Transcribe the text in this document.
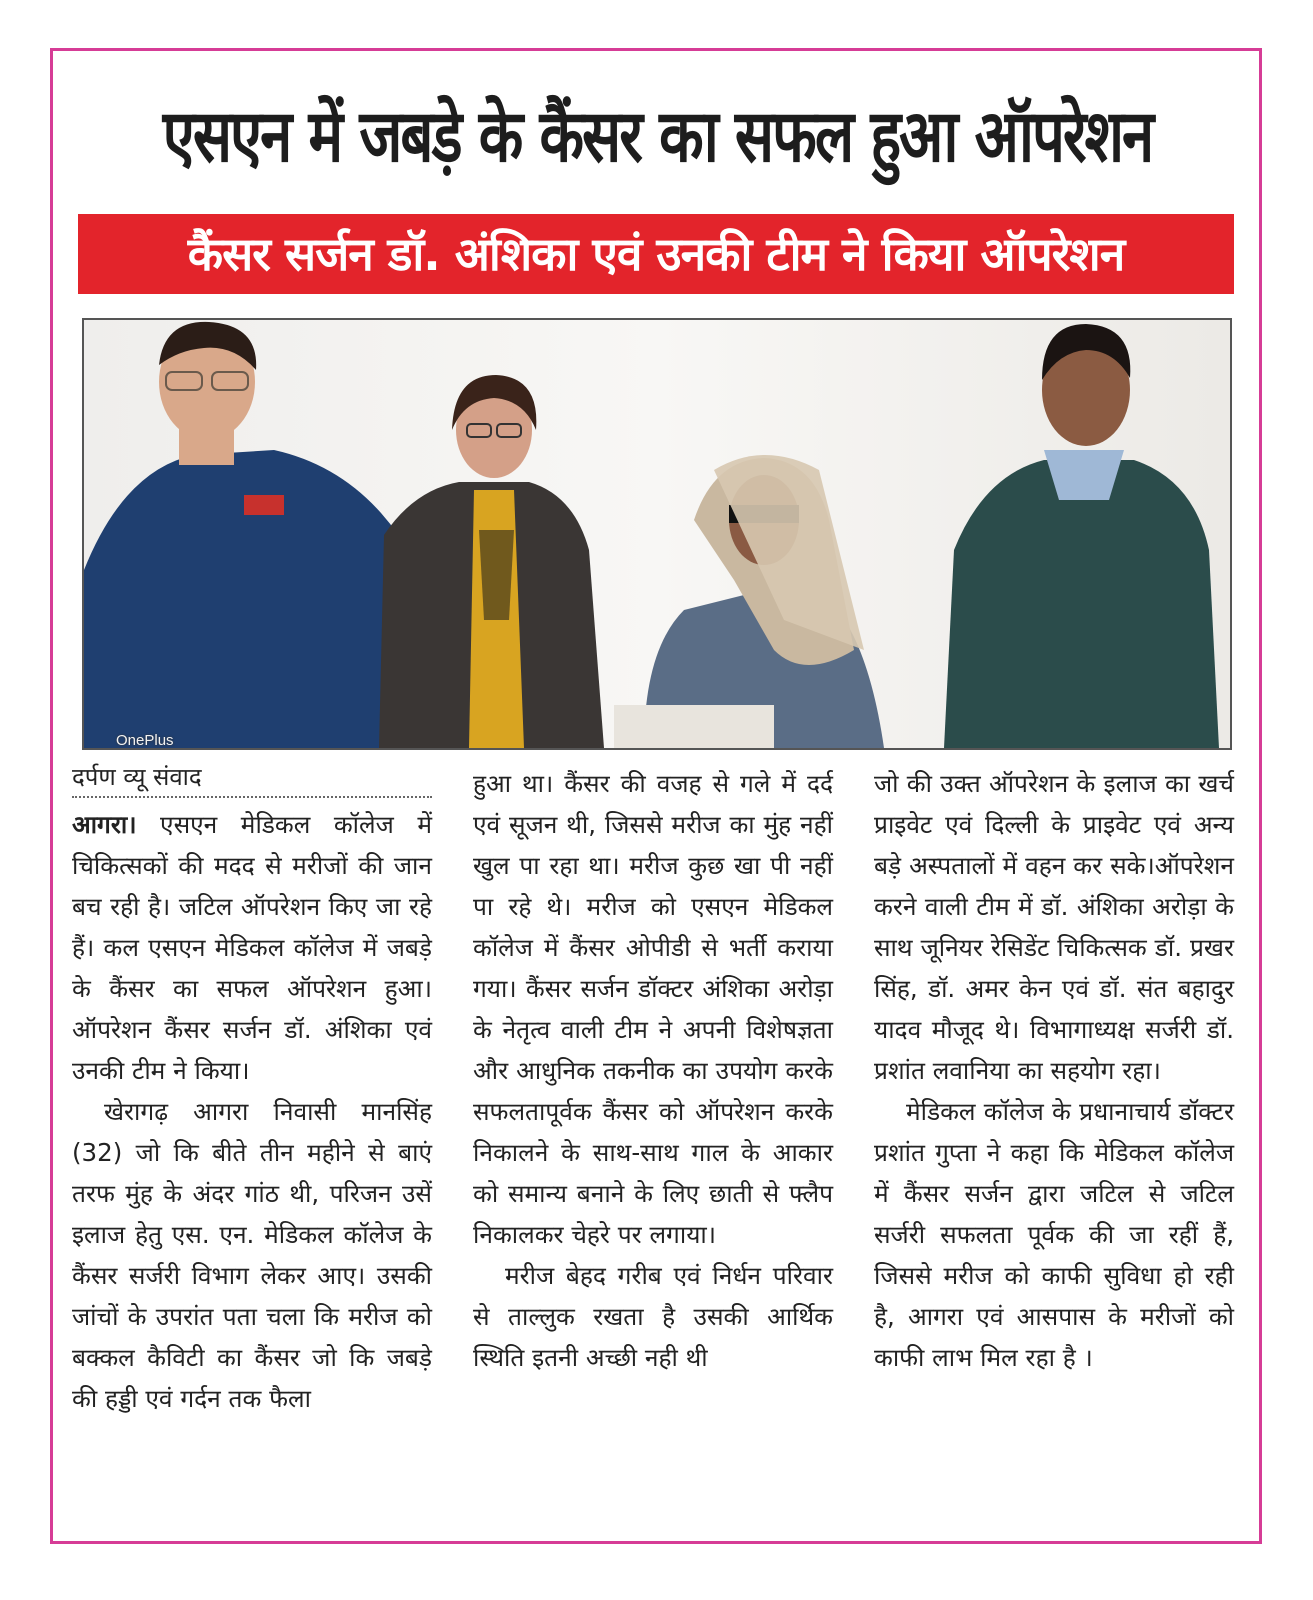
एसएन में जबड़े के कैंसर का सफल हुआ ऑपरेशन
कैंसर सर्जन डॉ. अंशिका एवं उनकी टीम ने किया ऑपरेशन
OnePlus
दर्पण व्यू संवाद

आगरा। एसएन मेडिकल कॉलेज में चिकित्सकों की मदद से मरीजों की जान बच रही है। जटिल ऑपरेशन किए जा रहे हैं। कल एसएन मेडिकल कॉलेज में जबड़े के कैंसर का सफल ऑपरेशन हुआ। ऑपरेशन कैंसर सर्जन डॉ. अंशिका एवं उनकी टीम ने किया।

खेरागढ़ आगरा निवासी मानसिंह (32) जो कि बीते तीन महीने से बाएं तरफ मुंह के अंदर गांठ थी, परिजन उसें इलाज हेतु एस. एन. मेडिकल कॉलेज के कैंसर सर्जरी विभाग लेकर आए। उसकी जांचों के उपरांत पता चला कि मरीज को बक्कल कैविटी का कैंसर जो कि जबड़े की हड्डी एवं गर्दन तक फैला

हुआ था। कैंसर की वजह से गले में दर्द एवं सूजन थी, जिससे मरीज का मुंह नहीं खुल पा रहा था। मरीज कुछ खा पी नहीं पा रहे थे। मरीज को एसएन मेडिकल कॉलेज में कैंसर ओपीडी से भर्ती कराया गया। कैंसर सर्जन डॉक्टर अंशिका अरोड़ा के नेतृत्व वाली टीम ने अपनी विशेषज्ञता और आधुनिक तकनीक का उपयोग करके सफलतापूर्वक कैंसर को ऑपरेशन करके निकालने के साथ-साथ गाल के आकार को समान्य बनाने के लिए छाती से फ्लैप निकालकर चेहरे पर लगाया।

मरीज बेहद गरीब एवं निर्धन परिवार से ताल्लुक रखता है उसकी आर्थिक स्थिति इतनी अच्छी नही थी

जो की उक्त ऑपरेशन के इलाज का खर्च प्राइवेट एवं दिल्ली के प्राइवेट एवं अन्य बड़े अस्पतालों में वहन कर सके।ऑपरेशन करने वाली टीम में डॉ. अंशिका अरोड़ा के साथ जूनियर रेसिडेंट चिकित्सक डॉ. प्रखर सिंह, डॉ. अमर केन एवं डॉ. संत बहादुर यादव मौजूद थे। विभागाध्यक्ष सर्जरी डॉ. प्रशांत लवानिया का सहयोग रहा।

मेडिकल कॉलेज के प्रधानाचार्य डॉक्टर प्रशांत गुप्ता ने कहा कि मेडिकल कॉलेज में कैंसर सर्जन द्वारा जटिल से जटिल सर्जरी सफलता पूर्वक की जा रहीं हैं, जिससे मरीज को काफी सुविधा हो रही है, आगरा एवं आसपास के मरीजों को काफी लाभ मिल रहा है ।
